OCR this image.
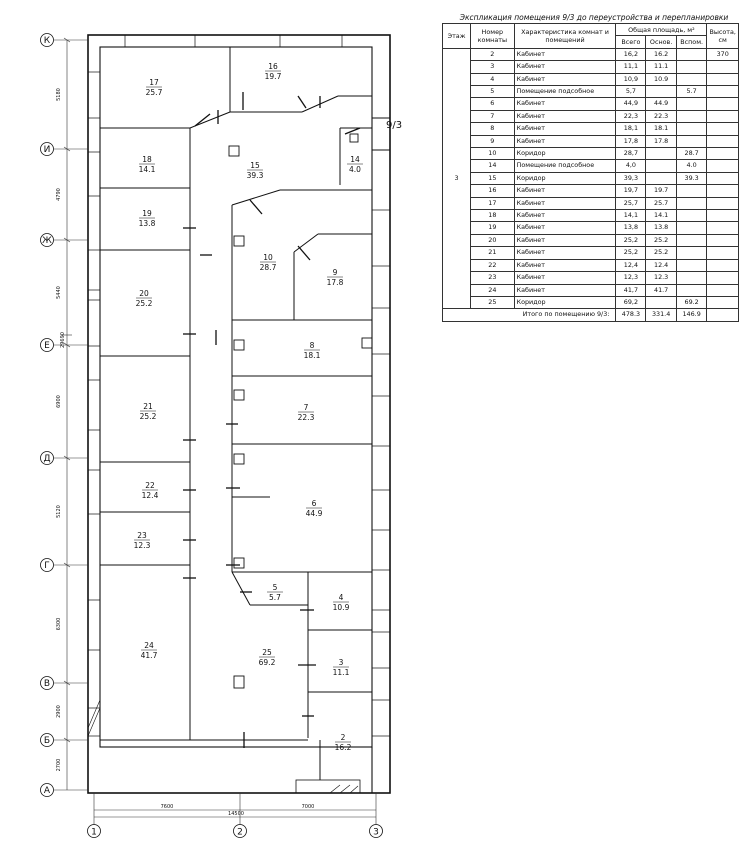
9/3
К
И
Ж
Е
Д
Г
В
Б
А
1	2	3
5180
4790
5440
6900
5120
6300
2900
2700
7600
14500
7000
29690
17
25.7
16
19.7
18
14.1	15
39.3
14
4.0
19
13.8
10
28.7
9
17.8
20
25.2
8
18.1
21
25.2
7
22.3
22
12.4
6
44.9
23
12.3
5
5.7	4
10.9
24
41.7	25
69.2	3
11.1
2
16.2
Экспликация помещения 9/3 до переустройства и перепланировки
Этаж	Номер комнаты	Характеристика комнат и помещений	Общая площадь, м²			Высота, см
			Всего	Основ.	Вспом.	
3	2	Кабинет	16,2	16.2		370
	3	Кабинет	11,1	11.1		
	4	Кабинет	10,9	10.9		
	5	Помещение подсобное	5,7		5.7	
	6	Кабинет	44,9	44.9		
	7	Кабинет	22,3	22.3		
	8	Кабинет	18,1	18.1		
	9	Кабинет	17,8	17.8		
	10	Коридор	28,7		28.7	
	14	Помещение подсобное	4,0		4.0	
	15	Коридор	39,3		39.3	
	16	Кабинет	19,7	19.7		
	17	Кабинет	25,7	25.7		
	18	Кабинет	14,1	14.1		
	19	Кабинет	13,8	13.8		
	20	Кабинет	25,2	25.2		
	21	Кабинет	25,2	25.2		
	22	Кабинет	12,4	12.4		
	23	Кабинет	12,3	12.3		
	24	Кабинет	41,7	41.7		
	25	Коридор	69,2		69.2	
Итого по помещению 9/3:			478.3	331.4	146.9	
